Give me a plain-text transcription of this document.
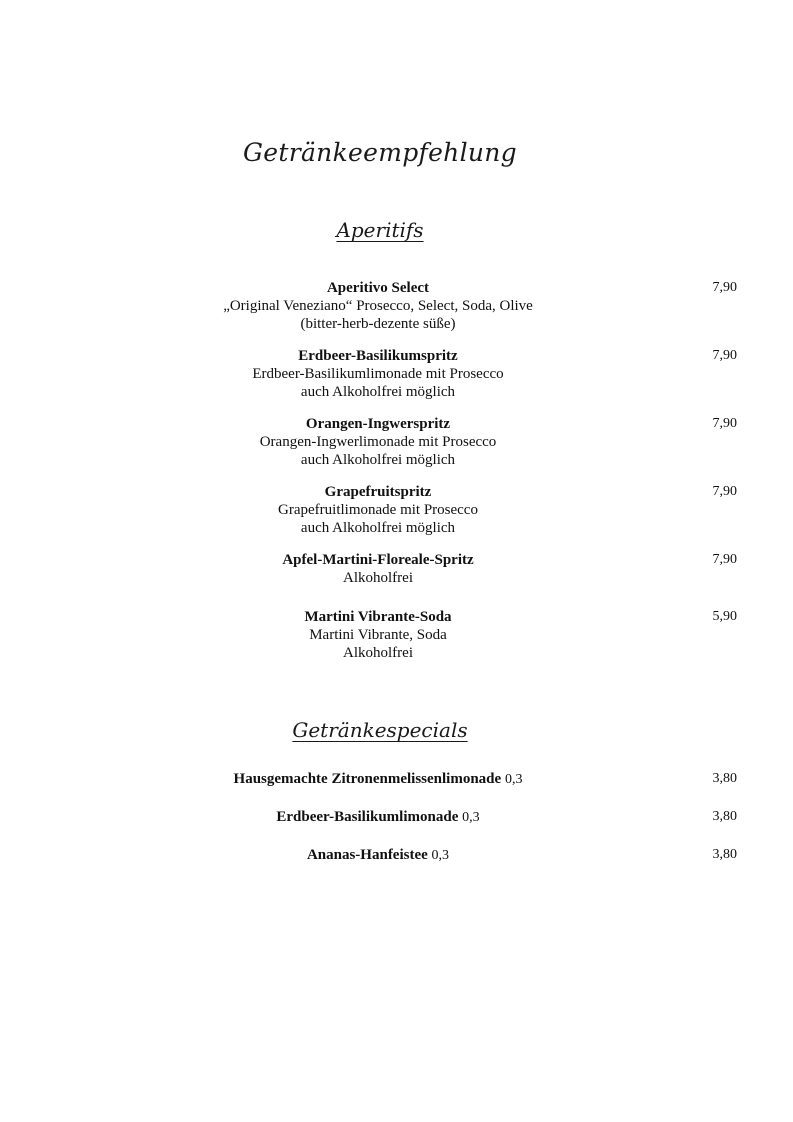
Getränkeempfehlung
Aperitifs
Aperitivo Select
„Original Veneziano“ Prosecco, Select, Soda, Olive
(bitter-herb-dezente süße)
7,90
Erdbeer-Basilikumspritz
Erdbeer-Basilikumlimonade mit Prosecco
auch Alkoholfrei möglich
7,90
Orangen-Ingwerspritz
Orangen-Ingwerlimonade mit Prosecco
auch Alkoholfrei möglich
7,90
Grapefruitspritz
Grapefruitlimonade mit Prosecco
auch Alkoholfrei möglich
7,90
Apfel-Martini-Floreale-Spritz
Alkoholfrei
7,90
Martini Vibrante-Soda
Martini Vibrante, Soda
Alkoholfrei
5,90
Getränkespecials
Hausgemachte Zitronenmelissenlimonade 0,3	3,80
Erdbeer-Basilikumlimonade 0,3	3,80
Ananas-Hanfeistee 0,3	3,80
